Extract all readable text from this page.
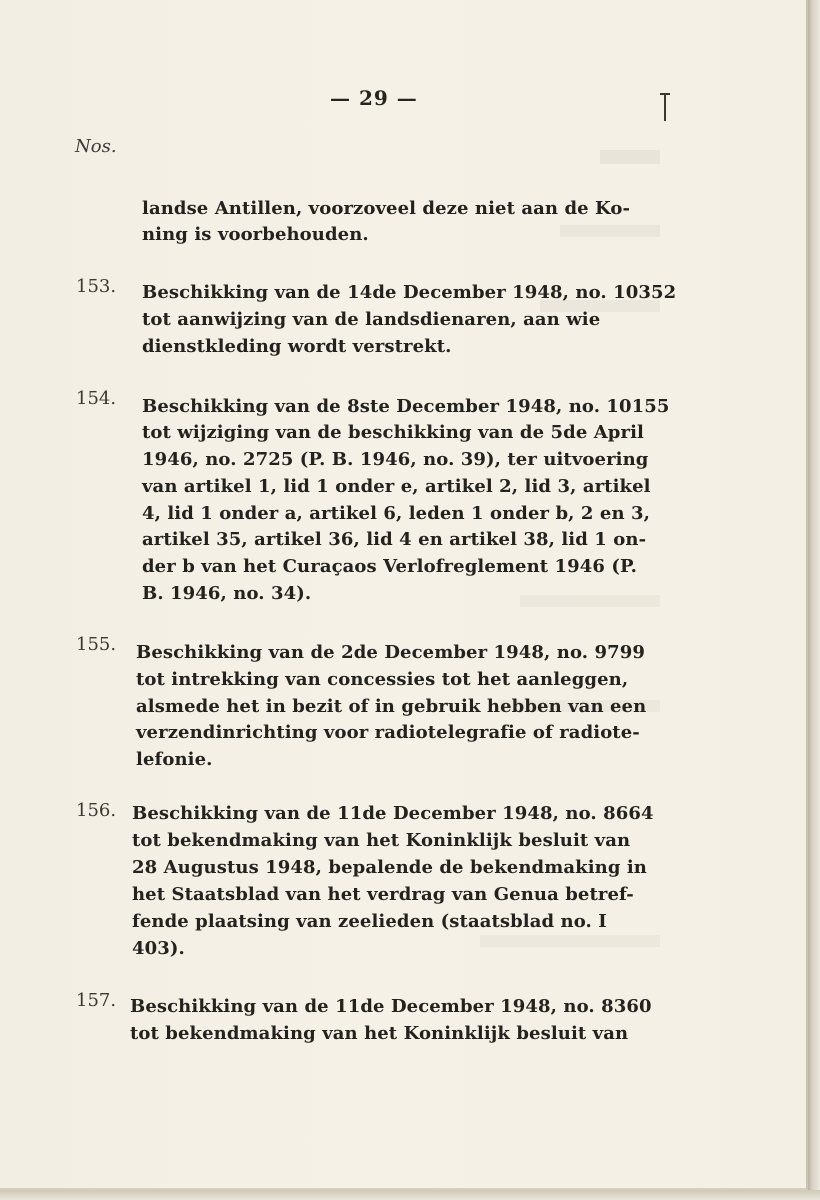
— 29 —
Nos.
landse Antillen, voorzoveel deze niet aan de Ko-
ning is voorbehouden.
153. Beschikking van de 14de December 1948, no. 10352
tot aanwijzing van de landsdienaren, aan wie
dienstkleding wordt verstrekt.
154. Beschikking van de 8ste December 1948, no. 10155
tot wijziging van de beschikking van de 5de April
1946, no. 2725 (P. B. 1946, no. 39), ter uitvoering
van artikel 1, lid 1 onder e, artikel 2, lid 3, artikel
4, lid 1 onder a, artikel 6, leden 1 onder b, 2 en 3,
artikel 35, artikel 36, lid 4 en artikel 38, lid 1 on-
der b van het Curaçaos Verlofreglement 1946 (P.
B. 1946, no. 34).
155. Beschikking van de 2de December 1948, no. 9799
tot intrekking van concessies tot het aanleggen,
alsmede het in bezit of in gebruik hebben van een
verzendinrichting voor radiotelegrafie of radiote-
lefonie.
156. Beschikking van de 11de December 1948, no. 8664
tot bekendmaking van het Koninklijk besluit van
28 Augustus 1948, bepalende de bekendmaking in
het Staatsblad van het verdrag van Genua betref-
fende plaatsing van zeelieden (staatsblad no. I
403).
157. Beschikking van de 11de December 1948, no. 8360
tot bekendmaking van het Koninklijk besluit van
